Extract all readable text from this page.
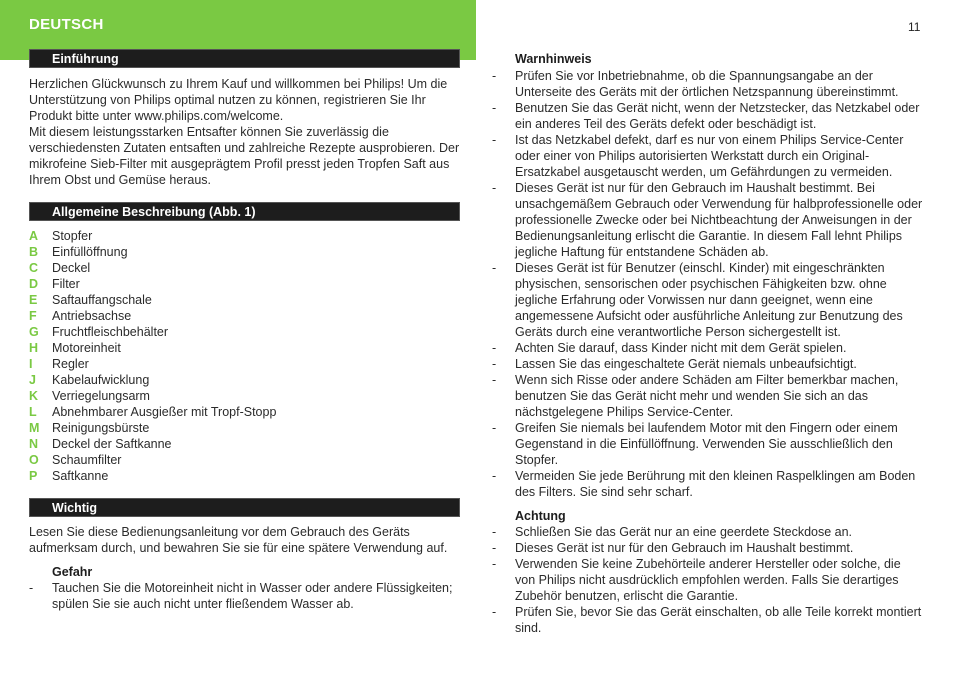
DEUTSCH	11
Einführung
Herzlichen Glückwunsch zu Ihrem Kauf und willkommen bei Philips! Um die Unterstützung von Philips optimal nutzen zu können, registrieren Sie Ihr Produkt bitte unter www.philips.com/welcome.
Mit diesem leistungsstarken Entsafter können Sie zuverlässig die verschiedensten Zutaten entsaften und zahlreiche Rezepte ausprobieren. Der mikrofeine Sieb-Filter mit ausgeprägtem Profil presst jeden Tropfen Saft aus Ihrem Obst und Gemüse heraus.
Allgemeine Beschreibung (Abb. 1)
A Stopfer
B Einfüllöffnung
C Deckel
D Filter
E Saftauffangschale
F Antriebsachse
G Fruchtfleischbehälter
H Motoreinheit
I Regler
J Kabelaufwicklung
K Verriegelungsarm
L Abnehmbarer Ausgießer mit Tropf-Stopp
M Reinigungsbürste
N Deckel der Saftkanne
O Schaumfilter
P Saftkanne
Wichtig
Lesen Sie diese Bedienungsanleitung vor dem Gebrauch des Geräts aufmerksam durch, und bewahren Sie sie für eine spätere Verwendung auf.
Gefahr
- Tauchen Sie die Motoreinheit nicht in Wasser oder andere Flüssigkeiten; spülen Sie sie auch nicht unter fließendem Wasser ab.
Warnhinweis
- Prüfen Sie vor Inbetriebnahme, ob die Spannungsangabe an der Unterseite des Geräts mit der örtlichen Netzspannung übereinstimmt.
- Benutzen Sie das Gerät nicht, wenn der Netzstecker, das Netzkabel oder ein anderes Teil des Geräts defekt oder beschädigt ist.
- Ist das Netzkabel defekt, darf es nur von einem Philips Service-Center oder einer von Philips autorisierten Werkstatt durch ein Original-Ersatzkabel ausgetauscht werden, um Gefährdungen zu vermeiden.
- Dieses Gerät ist nur für den Gebrauch im Haushalt bestimmt. Bei unsachgemäßem Gebrauch oder Verwendung für halbprofessionelle oder professionelle Zwecke oder bei Nichtbeachtung der Anweisungen in der Bedienungsanleitung erlischt die Garantie. In diesem Fall lehnt Philips jegliche Haftung für entstandene Schäden ab.
- Dieses Gerät ist für Benutzer (einschl. Kinder) mit eingeschränkten physischen, sensorischen oder psychischen Fähigkeiten bzw. ohne jegliche Erfahrung oder Vorwissen nur dann geeignet, wenn eine angemessene Aufsicht oder ausführliche Anleitung zur Benutzung des Geräts durch eine verantwortliche Person sichergestellt ist.
- Achten Sie darauf, dass Kinder nicht mit dem Gerät spielen.
- Lassen Sie das eingeschaltete Gerät niemals unbeaufsichtigt.
- Wenn sich Risse oder andere Schäden am Filter bemerkbar machen, benutzen Sie das Gerät nicht mehr und wenden Sie sich an das nächstgelegene Philips Service-Center.
- Greifen Sie niemals bei laufendem Motor mit den Fingern oder einem Gegenstand in die Einfüllöffnung. Verwenden Sie ausschließlich den Stopfer.
- Vermeiden Sie jede Berührung mit den kleinen Raspelklingen am Boden des Filters. Sie sind sehr scharf.
Achtung
- Schließen Sie das Gerät nur an eine geerdete Steckdose an.
- Dieses Gerät ist nur für den Gebrauch im Haushalt bestimmt.
- Verwenden Sie keine Zubehörteile anderer Hersteller oder solche, die von Philips nicht ausdrücklich empfohlen werden. Falls Sie derartiges Zubehör benutzen, erlischt die Garantie.
- Prüfen Sie, bevor Sie das Gerät einschalten, ob alle Teile korrekt montiert sind.
